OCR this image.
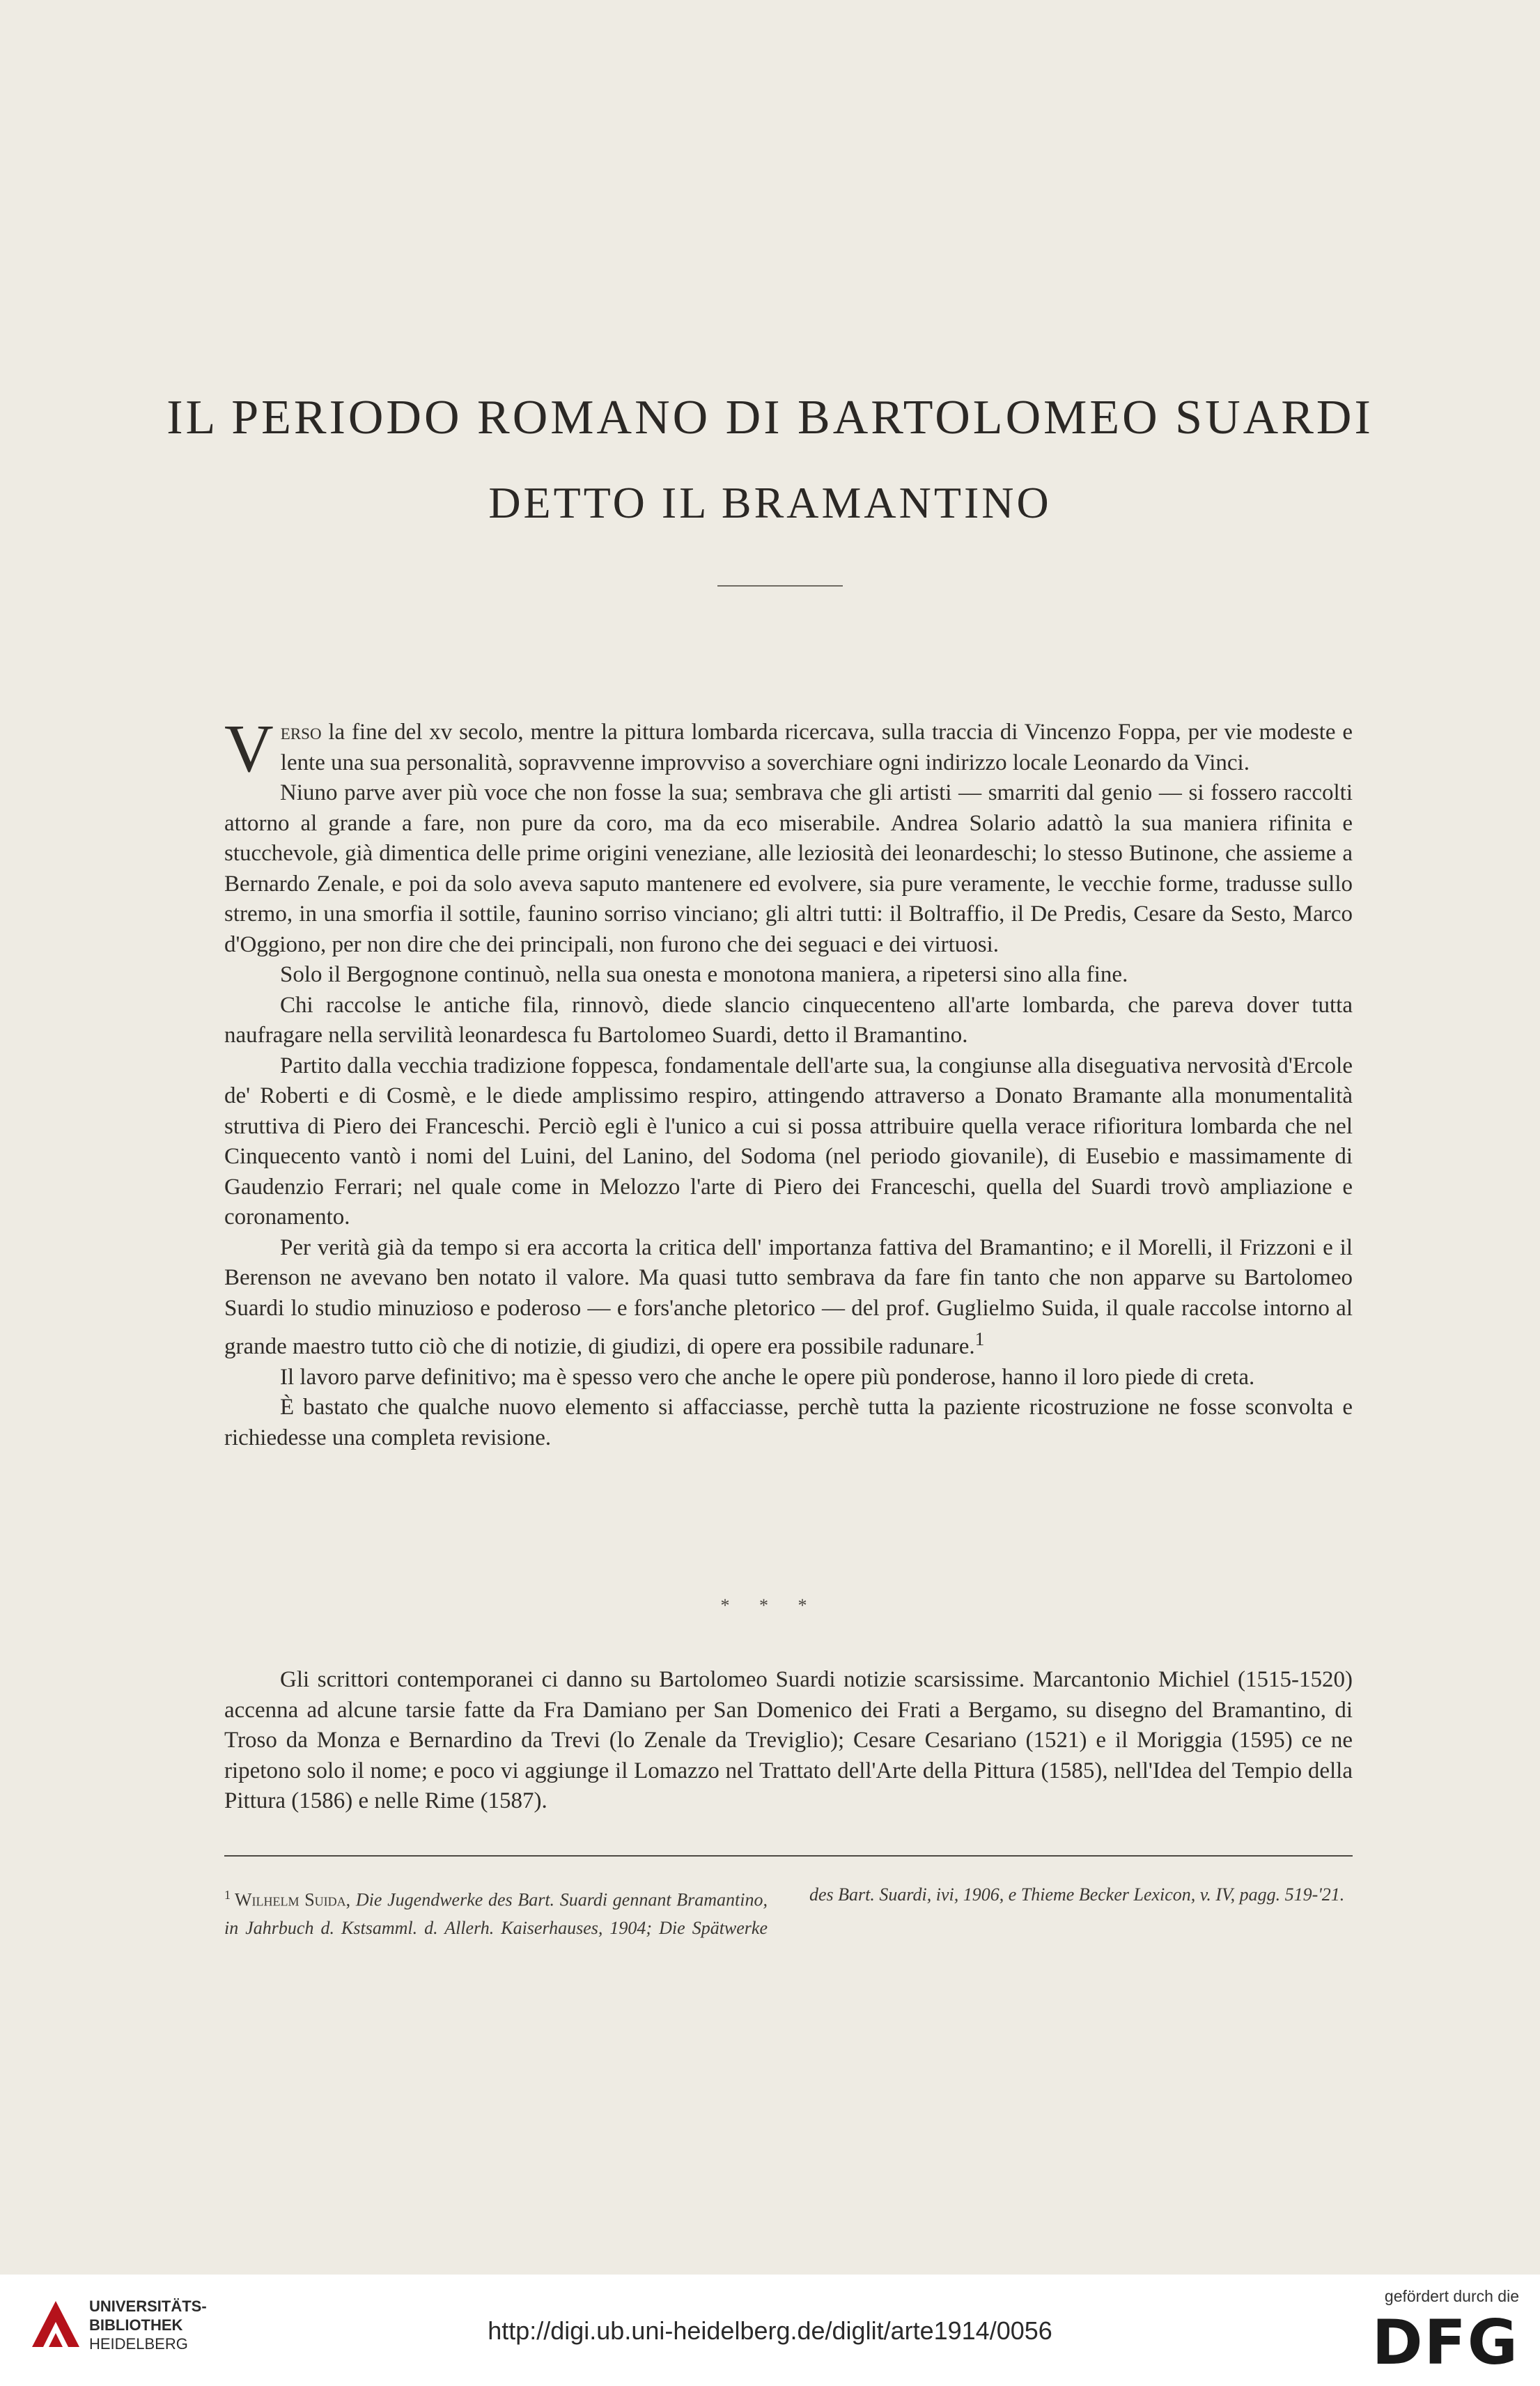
IL PERIODO ROMANO DI BARTOLOMEO SUARDI
DETTO IL BRAMANTINO

Verso la fine del xv secolo, mentre la pittura lombarda ricercava, sulla traccia di Vincenzo Foppa, per vie modeste e lente una sua personalità, sopravvenne improvviso a soverchiare ogni indirizzo locale Leonardo da Vinci.

Niuno parve aver più voce che non fosse la sua; sembrava che gli artisti — smarriti dal genio — si fossero raccolti attorno al grande a fare, non pure da coro, ma da eco miserabile. Andrea Solario adattò la sua maniera rifinita e stucchevole, già dimentica delle prime origini veneziane, alle leziosità dei leonardeschi; lo stesso Butinone, che assieme a Bernardo Zenale, e poi da solo aveva saputo mantenere ed evolvere, sia pure veramente, le vecchie forme, tradusse sullo stremo, in una smorfia il sottile, faunino sorriso vinciano; gli altri tutti: il Boltraffio, il De Predis, Cesare da Sesto, Marco d'Oggiono, per non dire che dei principali, non furono che dei seguaci e dei virtuosi.

Solo il Bergognone continuò, nella sua onesta e monotona maniera, a ripetersi sino alla fine.

Chi raccolse le antiche fila, rinnovò, diede slancio cinquecenteno all'arte lombarda, che pareva dover tutta naufragare nella servilità leonardesca fu Bartolomeo Suardi, detto il Bramantino.

Partito dalla vecchia tradizione foppesca, fondamentale dell'arte sua, la congiunse alla diseguativa nervosità d'Ercole de' Roberti e di Cosmè, e le diede amplissimo respiro, attingendo attraverso a Donato Bramante alla monumentalità struttiva di Piero dei Franceschi. Perciò egli è l'unico a cui si possa attribuire quella verace rifioritura lombarda che nel Cinquecento vantò i nomi del Luini, del Lanino, del Sodoma (nel periodo giovanile), di Eusebio e massimamente di Gaudenzio Ferrari; nel quale come in Melozzo l'arte di Piero dei Franceschi, quella del Suardi trovò ampliazione e coronamento.

Per verità già da tempo si era accorta la critica dell' importanza fattiva del Bramantino; e il Morelli, il Frizzoni e il Berenson ne avevano ben notato il valore. Ma quasi tutto sembrava da fare fin tanto che non apparve su Bartolomeo Suardi lo studio minuzioso e poderoso — e fors'anche pletorico — del prof. Guglielmo Suida, il quale raccolse intorno al grande maestro tutto ciò che di notizie, di giudizi, di opere era possibile radunare.$^1$

Il lavoro parve definitivo; ma è spesso vero che anche le opere più ponderose, hanno il loro piede di creta.

È bastato che qualche nuovo elemento si affacciasse, perchè tutta la paziente ricostruzione ne fosse sconvolta e richiedesse una completa revisione.

* * *

Gli scrittori contemporanei ci danno su Bartolomeo Suardi notizie scarsissime. Marcantonio Michiel (1515-1520) accenna ad alcune tarsie fatte da Fra Damiano per San Domenico dei Frati a Bergamo, su disegno del Bramantino, di Troso da Monza e Bernardino da Trevi (lo Zenale da Treviglio); Cesare Cesariano (1521) e il Moriggia (1595) ce ne ripetono solo il nome; e poco vi aggiunge il Lomazzo nel Trattato dell'Arte della Pittura (1585), nell'Idea del Tempio della Pittura (1586) e nelle Rime (1587).

$^1$ Wilhelm Suida, Die Jugendwerke des Bart. Suardi gennant Bramantino, in Jahrbuch d. Kstsamml. d. Allerh. Kaiserhauses, 1904; Die Spätwerke des Bart. Suardi, ivi, 1906, e Thieme Becker Lexicon, v. IV, pagg. 519-'21.
UNIVERSITÄTS-
BIBLIOTHEK
HEIDELBERG	http://digi.ub.uni-heidelberg.de/diglit/arte1914/0056
gefördert durch die
DFG
